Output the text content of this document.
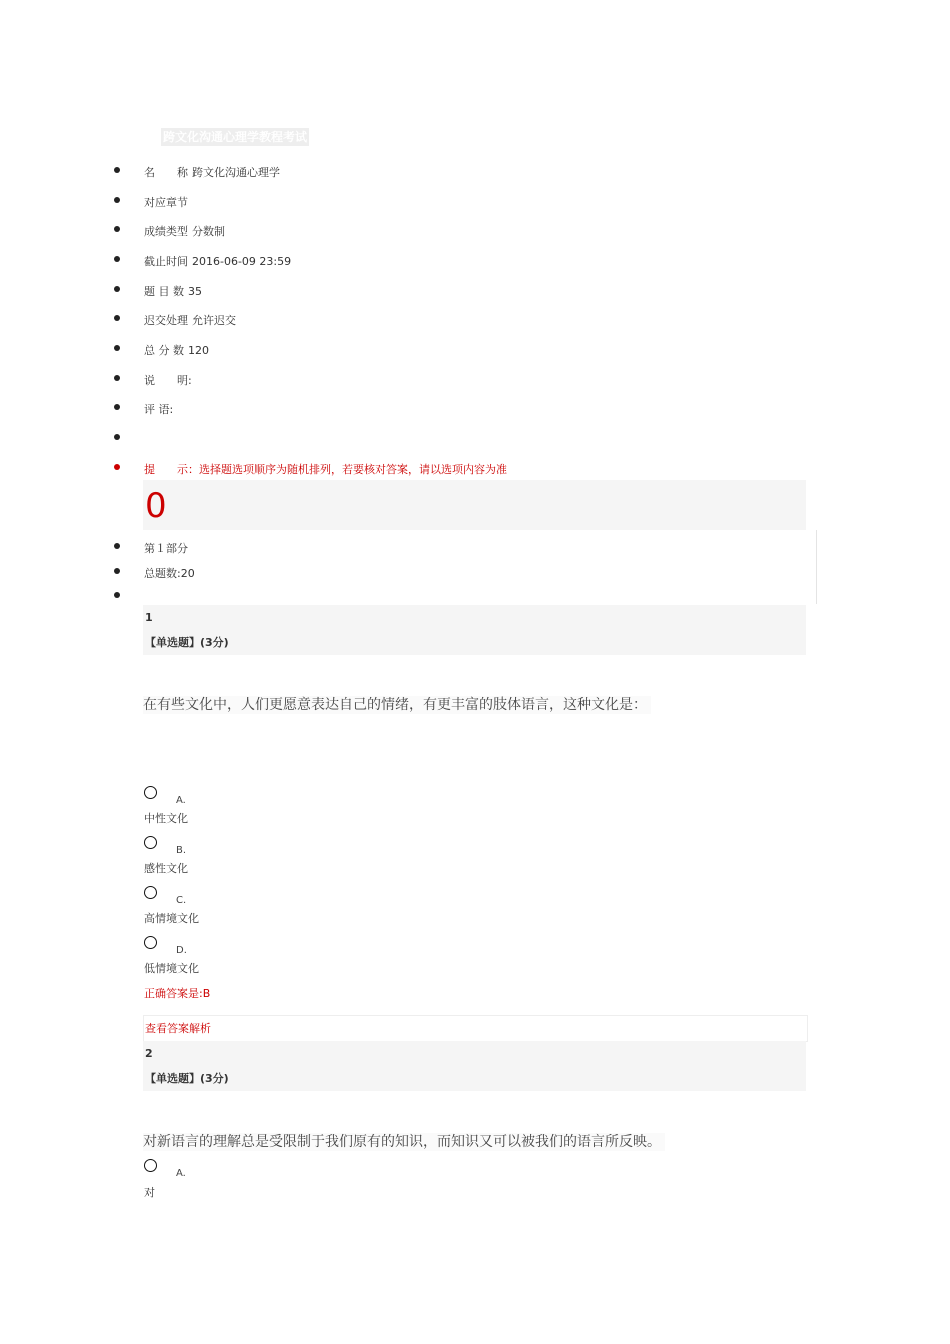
跨文化沟通心理学教程考试
名　　称 跨文化沟通心理学
对应章节
成绩类型 分数制
截止时间 2016-06-09 23:59
题 目 数 35
迟交处理 允许迟交
总 分 数 120
说　　明:
评 语:
提　　示：选择题选项顺序为随机排列，若要核对答案，请以选项内容为准
0
第１部分
总题数:20
1
【单选题】(3分)
在有些文化中，人们更愿意表达自己的情绪，有更丰富的肢体语言，这种文化是：
A.
中性文化
B.
感性文化
C.
高情境文化
D.
低情境文化
正确答案是:B
查看答案解析
2
【单选题】(3分)
对新语言的理解总是受限制于我们原有的知识，而知识又可以被我们的语言所反映。
A.
对
